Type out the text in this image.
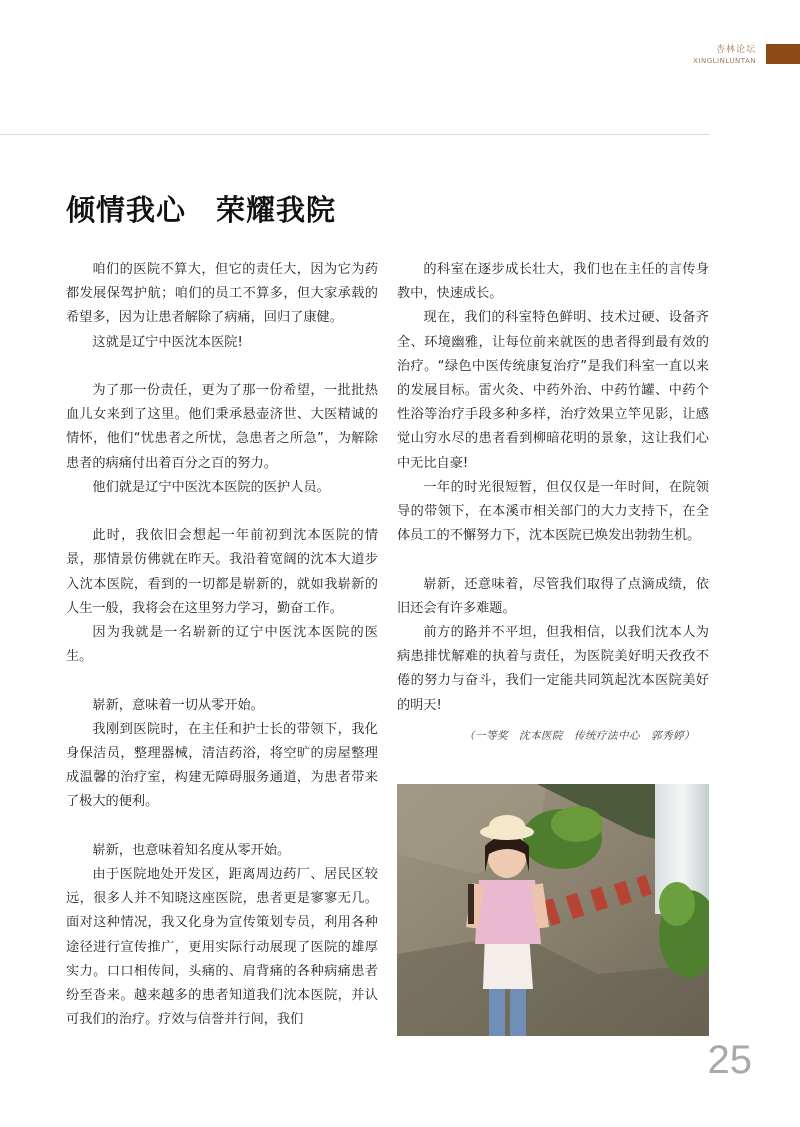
杏林论坛
XINGLINLUNTAN
倾情我心　荣耀我院

咱们的医院不算大，但它的责任大，因为它为药都发展保驾护航；咱们的员工不算多，但大家承载的希望多，因为让患者解除了病痛，回归了康健。

这就是辽宁中医沈本医院!

为了那一份责任，更为了那一份希望，一批批热血儿女来到了这里。他们秉承悬壶济世、大医精诚的情怀，他们“忧患者之所忧，急患者之所急”，为解除患者的病痛付出着百分之百的努力。

他们就是辽宁中医沈本医院的医护人员。

此时，我依旧会想起一年前初到沈本医院的情景，那情景仿佛就在昨天。我沿着宽阔的沈本大道步入沈本医院，看到的一切都是崭新的，就如我崭新的人生一般，我将会在这里努力学习，勤奋工作。

因为我就是一名崭新的辽宁中医沈本医院的医生。

崭新，意味着一切从零开始。

我刚到医院时，在主任和护士长的带领下，我化身保洁员，整理器械，清洁药浴，将空旷的房屋整理成温馨的治疗室，构建无障碍服务通道，为患者带来了极大的便利。

崭新，也意味着知名度从零开始。

由于医院地处开发区，距离周边药厂、居民区较远，很多人并不知晓这座医院，患者更是寥寥无几。面对这种情况，我又化身为宣传策划专员，利用各种途径进行宣传推广，更用实际行动展现了医院的雄厚实力。口口相传间，头痛的、肩背痛的各种病痛患者纷至沓来。越来越多的患者知道我们沈本医院，并认可我们的治疗。疗效与信誉并行间，我们

的科室在逐步成长壮大，我们也在主任的言传身教中，快速成长。

现在，我们的科室特色鲜明、技术过硬、设备齐全、环境幽雅，让每位前来就医的患者得到最有效的治疗。“绿色中医传统康复治疗”是我们科室一直以来的发展目标。雷火灸、中药外治、中药竹罐、中药个性浴等治疗手段多种多样，治疗效果立竿见影，让感觉山穷水尽的患者看到柳暗花明的景象，这让我们心中无比自豪!

一年的时光很短暂，但仅仅是一年时间，在院领导的带领下，在本溪市相关部门的大力支持下，在全体员工的不懈努力下，沈本医院已焕发出勃勃生机。

崭新，还意味着，尽管我们取得了点滴成绩，依旧还会有许多难题。

前方的路并不平坦，但我相信，以我们沈本人为病患排忧解难的执着与责任，为医院美好明天孜孜不倦的努力与奋斗，我们一定能共同筑起沈本医院美好的明天!

（一等奖　沈本医院　传统疗法中心　郭秀婷）
25
